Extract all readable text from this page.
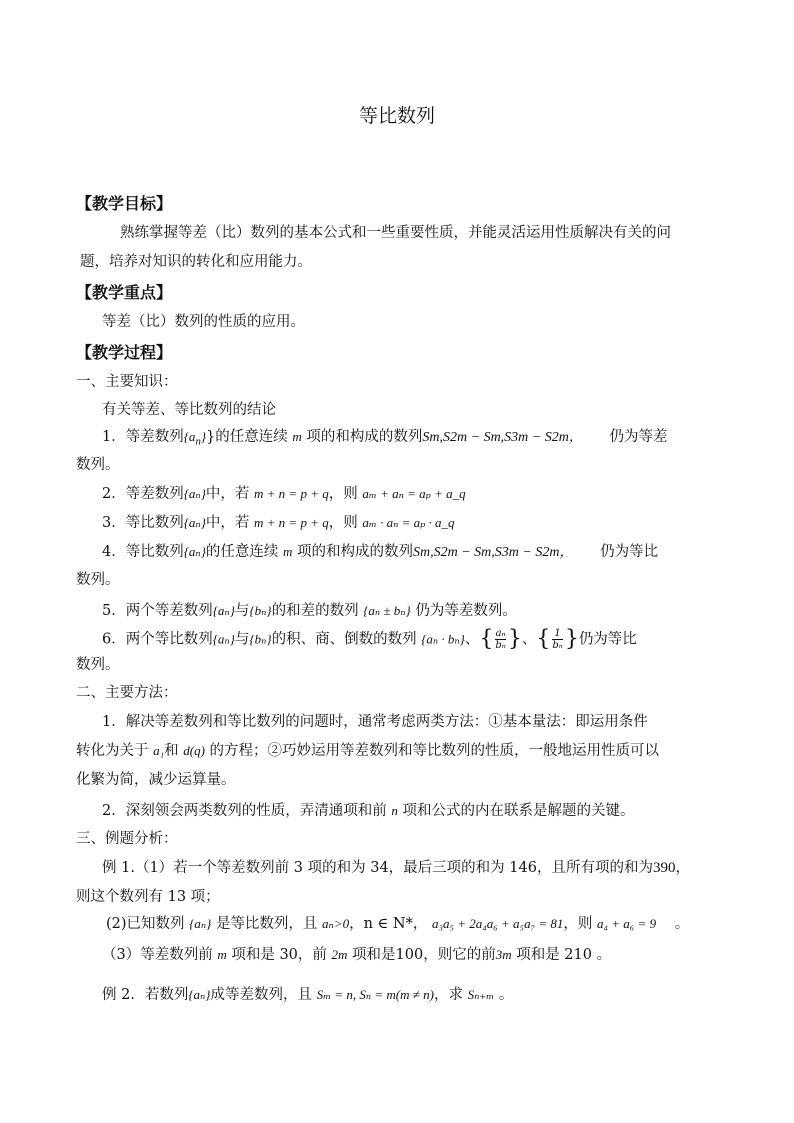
等比数列
【教学目标】
熟练掌握等差（比）数列的基本公式和一些重要性质，并能灵活运用性质解决有关的问
题，培养对知识的转化和应用能力。
【教学重点】
等差（比）数列的性质的应用。
【教学过程】
一、主要知识：
有关等差、等比数列的结论
1．等差数列$\{a_n\}$}的任意连续 m 项的和构成的数列Sm,S2m − Sm,S3m − S2m， 仍为等差
数列。
2．等差数列{aₙ}中，若 m + n = p + q，则 aₘ + aₙ = aₚ + a_q
3．等比数列{aₙ}中，若 m + n = p + q，则 aₘ · aₙ = aₚ · a_q
4．等比数列{aₙ}的任意连续 m 项的和构成的数列Sm,S2m − Sm,S3m − S2m， 仍为等比
数列。
5．两个等差数列{aₙ}与{bₙ}的和差的数列 {aₙ ± bₙ} 仍为等差数列。
6．两个等比数列{aₙ}与{bₙ}的积、商、倒数的数列 {aₙ · bₙ}、{ $\frac{\text{aₙ}}{\text{bₙ}}$ }、{ $\frac{1}{\text{bₙ}}$ }仍为等比
数列。
二、主要方法：
1．解决等差数列和等比数列的问题时，通常考虑两类方法：①基本量法：即运用条件
转化为关于 a₁和 d(q) 的方程；②巧妙运用等差数列和等比数列的性质，一般地运用性质可以
化繁为简，减少运算量。
2．深刻领会两类数列的性质，弄清通项和前 n 项和公式的内在联系是解题的关键。
三、例题分析：
例 1.（1）若一个等差数列前 3 项的和为 34，最后三项的和为 146，且所有项的和为390，
则这个数列有 13 项；
(2)已知数列 {aₙ} 是等比数列，且 aₙ>0，n ∈ N*， a₃a₅ + 2a₄a₆ + a₅a₇ = 81，则 a₄ + a₆ = 9 。
（3）等差数列前 m 项和是 30，前 2m 项和是100，则它的前3m 项和是 210 。
例 2．若数列{aₙ}成等差数列，且 Sₘ = n, Sₙ = m(m ≠ n)，求 Sₙ₊ₘ 。
